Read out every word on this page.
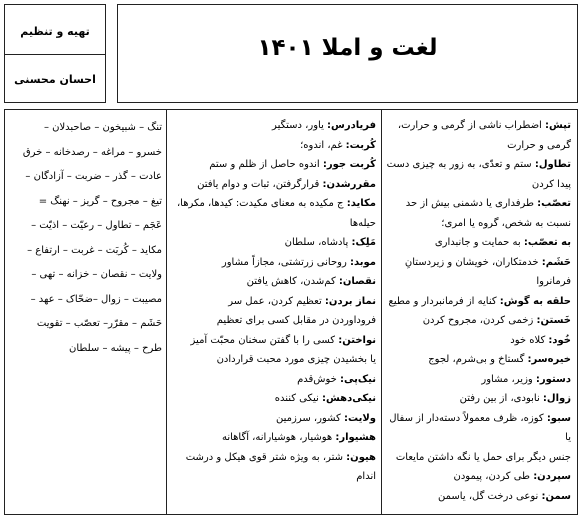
تهیه و تنظیم
احسان محسنی
لغت و املا ۱۴۰۱
تپش: اضطراب ناشی از گرمی و حرارت،
گرمی و حرارت
تطاول: ستم و تعدّی، به زور به چیزی دست
پیدا کردن
تعصّب: طرفداری یا دشمنی بیش از حد
نسبت به شخص، گروه یا امری؛
به تعصّب: به حمایت و جانبداری
حَشَم: خدمتکاران، خویشان و زیردستانِ
فرمانروا
حلقه به گوش: کنایه از فرمانبردار و مطیع
خَستن: زخمی کردن، مجروح کردن
خُود: کلاه خود
خیره‌سر: گستاخ و بی‌شرم، لجوج
دستور: وزیر، مشاور
زوال: نابودی، از بین رفتن
سبو: کوزه، ظرف معمولاً دسته‌دار از سفال یا
جنس دیگر برای حمل یا نگه داشتن مایعات
سپردن: طی کردن، پیمودن
سمن: نوعی درخت گل، یاسمن
فریادرس: یاور، دستگیر
کُربت: غم، اندوه؛
کُربت جور: اندوه حاصل از ظلم و ستم
مقررشدن: قرارگرفتن، ثبات و دوام یافتن
مکاید: ج مکیده به معنای مکیدت: کیدها، مکرها،
حیله‌ها
مَلِک: پادشاه، سلطان
موبد: روحانی زرتشتی، مجازاً مشاور
نقصان: کم‌شدن، کاهش یافتن
نماز بردن: تعظیم کردن، عمل سر
فروداوردن در مقابل کسی برای تعظیم
نواختن: کسی را با گفتن سخنان محبّت آمیز
یا بخشیدن چیزی مورد محبت قراردادن
نیک‌پی: خوش‌قدم
نیکی‌دهش: نیکی کننده
ولایت: کشور، سرزمین
هشیوار: هوشیار، هوشیارانه، آگاهانه
هیون: شتر، به ویژه شتر قوی هیکل و درشت
اندام
تنگ – شبیخون – صاحبدلان –
خسرو – مراغه – رصدخانه – خرق
عادت – گذر – ضربت – آزادگان –
تیغ – مجروح – گریز – نهنگ =
عَجَم – تطاول – رعیّت – اذیّت –
مکاید – کُربَت – غربت – ارتفاع –
ولایت – نقصان – خزانه – تهی –
مصیبت – زوال –ضحّاک – عهد –
حَشَم – مقرّر– تعصّب – تقویت
طرح – پیشه – سلطان
